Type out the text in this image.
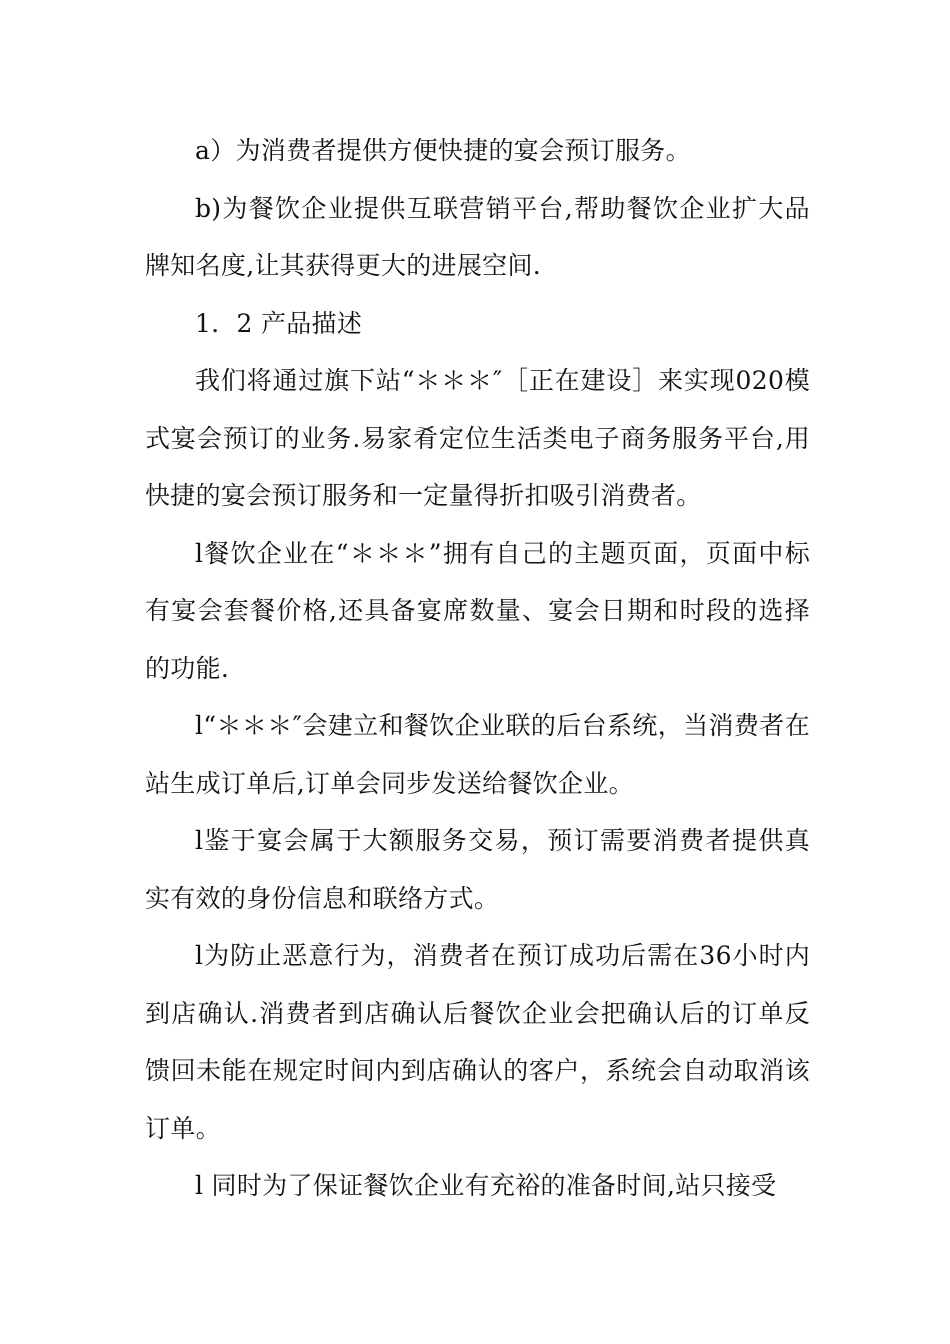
a）为消费者提供方便快捷的宴会预订服务。

b)为餐饮企业提供互联营销平台,帮助餐饮企业扩大品牌知名度,让其获得更大的进展空间.

1．2 产品描述

我们将通过旗下站“＊＊＊″［正在建设］来实现020模式宴会预订的业务.易家肴定位生活类电子商务服务平台,用快捷的宴会预订服务和一定量得折扣吸引消费者。

l餐饮企业在“＊＊＊”拥有自己的主题页面，页面中标有宴会套餐价格,还具备宴席数量、宴会日期和时段的选择的功能.

l“＊＊＊″会建立和餐饮企业联的后台系统，当消费者在站生成订单后,订单会同步发送给餐饮企业。

l鉴于宴会属于大额服务交易，预订需要消费者提供真实有效的身份信息和联络方式。

l为防止恶意行为，消费者在预订成功后需在36小时内到店确认.消费者到店确认后餐饮企业会把确认后的订单反馈回未能在规定时间内到店确认的客户，系统会自动取消该订单。

l 同时为了保证餐饮企业有充裕的准备时间,站只接受
